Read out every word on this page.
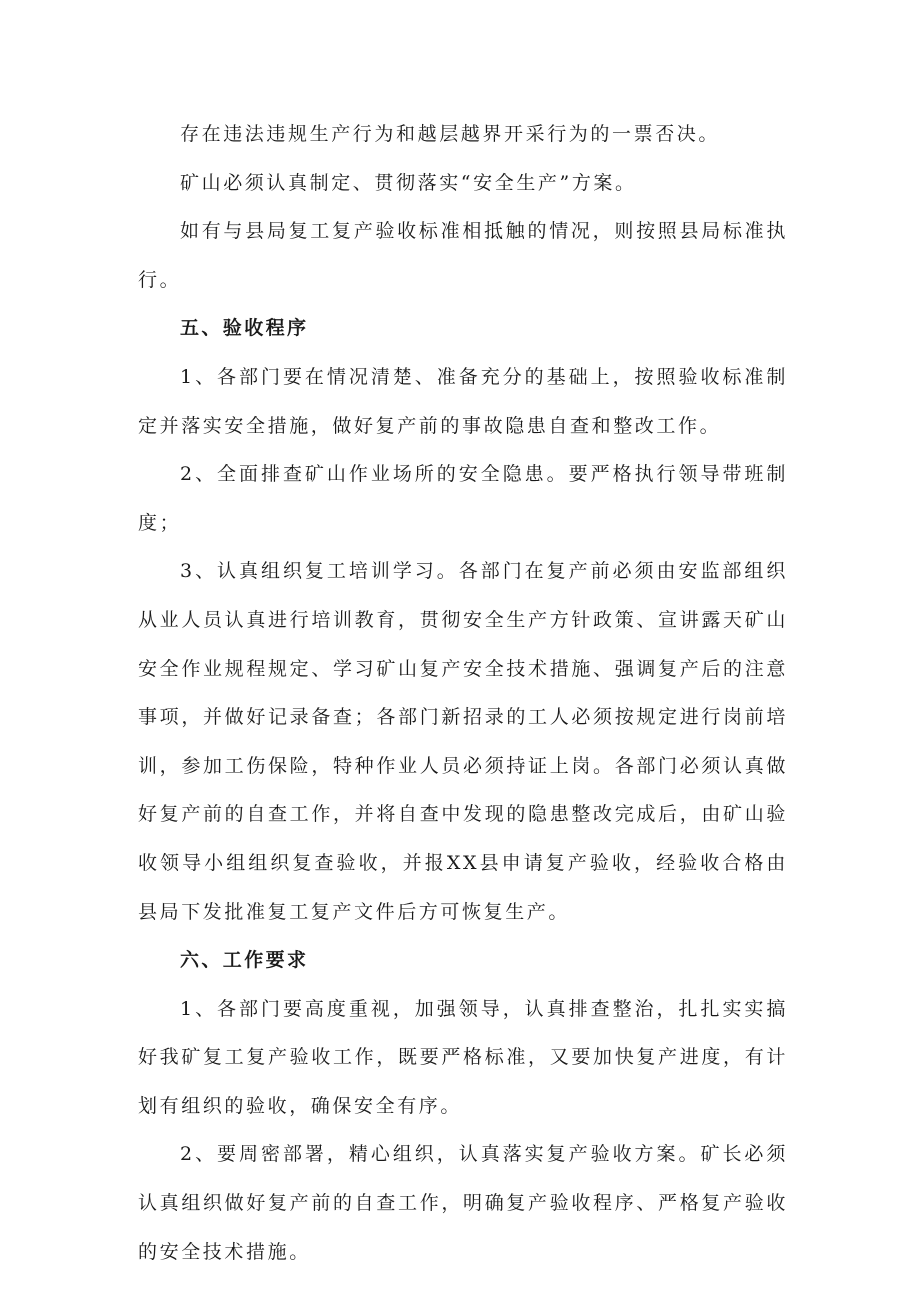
存在违法违规生产行为和越层越界开采行为的一票否决。

矿山必须认真制定、贯彻落实“安全生产”方案。

如有与县局复工复产验收标准相抵触的情况，则按照县局标准执行。

五、验收程序

1、各部门要在情况清楚、准备充分的基础上，按照验收标准制定并落实安全措施，做好复产前的事故隐患自查和整改工作。

2、全面排查矿山作业场所的安全隐患。要严格执行领导带班制度；

3、认真组织复工培训学习。各部门在复产前必须由安监部组织从业人员认真进行培训教育，贯彻安全生产方针政策、宣讲露天矿山安全作业规程规定、学习矿山复产安全技术措施、强调复产后的注意事项，并做好记录备查；各部门新招录的工人必须按规定进行岗前培训，参加工伤保险，特种作业人员必须持证上岗。各部门必须认真做好复产前的自查工作，并将自查中发现的隐患整改完成后，由矿山验收领导小组组织复查验收，并报XX县申请复产验收，经验收合格由县局下发批准复工复产文件后方可恢复生产。

六、工作要求

1、各部门要高度重视，加强领导，认真排查整治，扎扎实实搞好我矿复工复产验收工作，既要严格标准，又要加快复产进度，有计划有组织的验收，确保安全有序。

2、要周密部署，精心组织，认真落实复产验收方案。矿长必须认真组织做好复产前的自查工作，明确复产验收程序、严格复产验收的安全技术措施。
